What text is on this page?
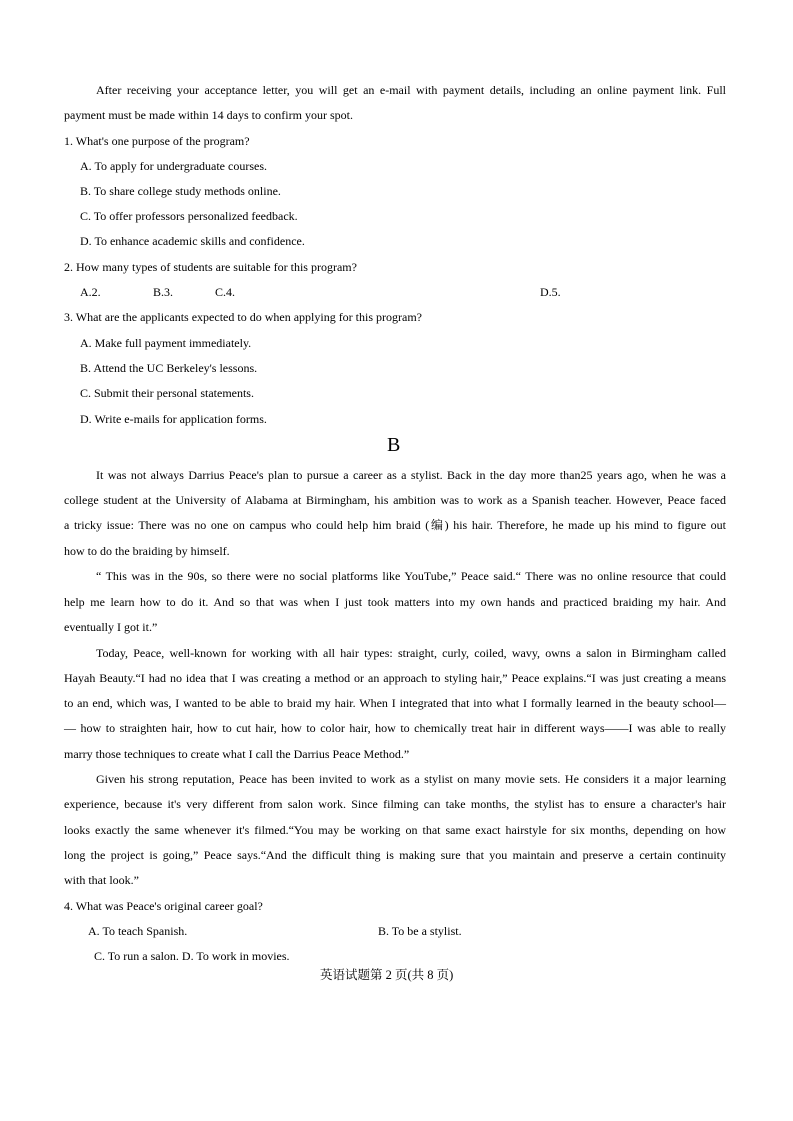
After receiving your acceptance letter, you will get an e-mail with payment details, including an online payment link. Full
payment must be made within 14 days to confirm your spot.
1. What's one purpose of the program?
A. To apply for undergraduate courses.
B. To share college study methods online.
C. To offer professors personalized feedback.
D. To enhance academic skills and confidence.
2. How many types of students are suitable for this program?
A.2.	B.3.	C.4.	D.5.
3. What are the applicants expected to do when applying for this program?
A. Make full payment immediately.
B. Attend the UC Berkeley's lessons.
C. Submit their personal statements.
D. Write e-mails for application forms.
B
It was not always Darrius Peace's plan to pursue a career as a stylist. Back in the day more than25 years ago, when he was a
college student at the University of Alabama at Birmingham, his ambition was to work as a Spanish teacher. However, Peace faced
a tricky issue: There was no one on campus who could help him braid (编) his hair. Therefore, he made up his mind to figure out
how to do the braiding by himself.
“ This was in the 90s, so there were no social platforms like YouTube,” Peace said.“ There was no online resource that could
help me learn how to do it. And so that was when I just took matters into my own hands and practiced braiding my hair. And
eventually I got it.”
Today, Peace, well-known for working with all hair types: straight, curly, coiled, wavy, owns a salon in Birmingham called
Hayah Beauty.“I had no idea that I was creating a method or an approach to styling hair,” Peace explains.“I was just creating a means
to an end, which was, I wanted to be able to braid my hair. When I integrated that into what I formally learned in the beauty school—
— how to straighten hair, how to cut hair, how to color hair, how to chemically treat hair in different ways——I was able to really
marry those techniques to create what I call the Darrius Peace Method.”
Given his strong reputation, Peace has been invited to work as a stylist on many movie sets. He considers it a major learning
experience, because it's very different from salon work. Since filming can take months, the stylist has to ensure a character's hair
looks exactly the same whenever it's filmed.“You may be working on that same exact hairstyle for six months, depending on how
long the project is going,” Peace says.“And the difficult thing is making sure that you maintain and preserve a certain continuity
with that look.”
4. What was Peace's original career goal?
A. To teach Spanish.	B. To be a stylist.
C. To run a salon. D. To work in movies.
英语试题第 2 页(共 8 页)
